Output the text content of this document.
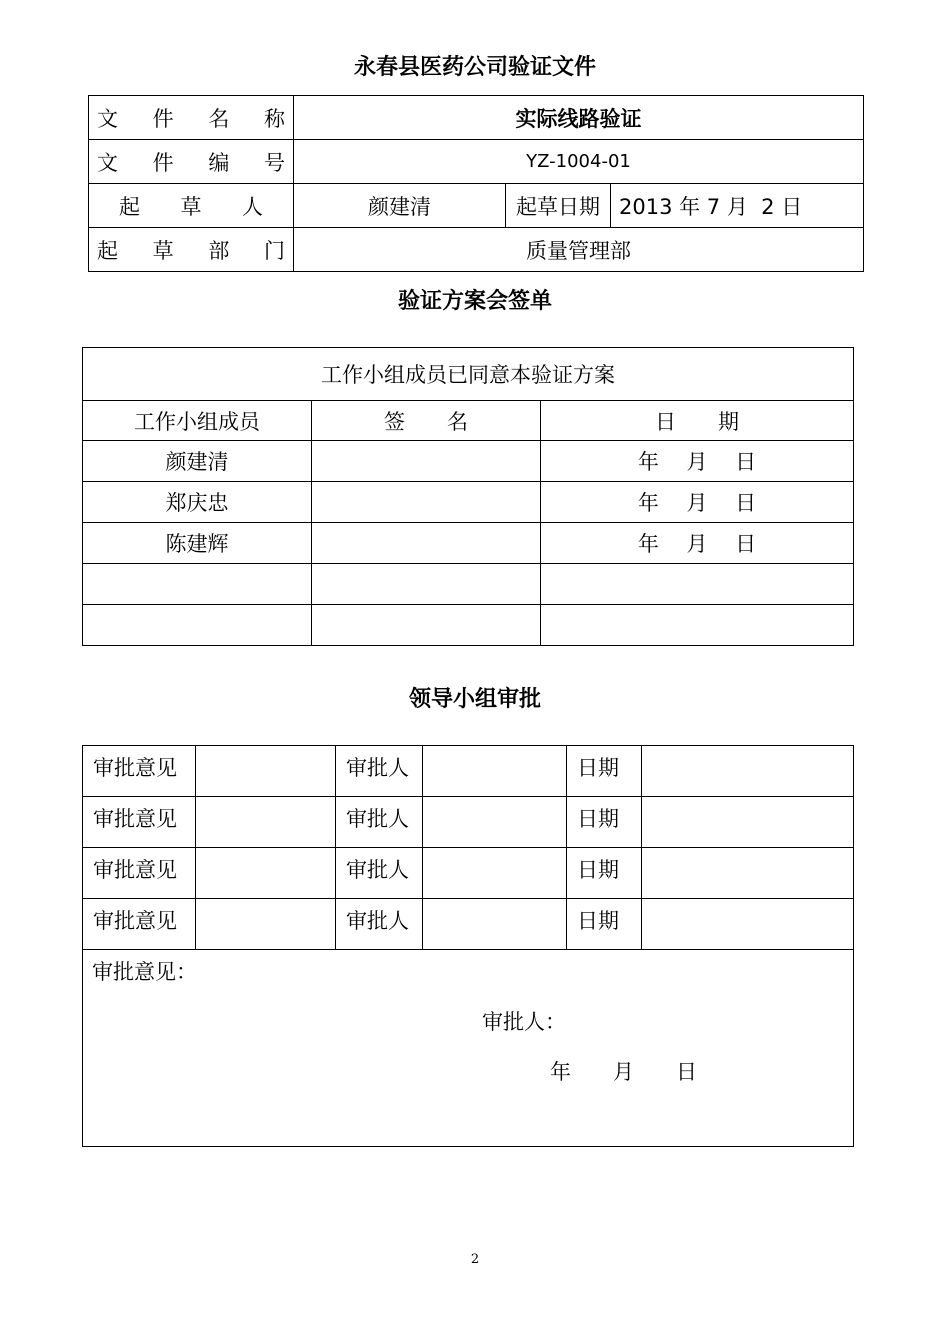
永春县医药公司验证文件
文 件 名 称	实际线路验证		

文 件 编 号	YZ-1004-01		

起 草 人	颜建清	起草日期	2013 年 7 月  2 日

起 草 部 门	质量管理部		
验证方案会签单
工作小组成员已同意本验证方案		
工作小组成员	签　　名	日　　期
颜建清		年　 月　 日
郑庆忠		年　 月　 日
陈建辉		年　 月　 日

领导小组审批
审批意见		审批人		日期	
审批意见		审批人		日期	
审批意见		审批人		日期	
审批意见		审批人		日期	

审批意见：
审批人：
年　　月　　日					
2
